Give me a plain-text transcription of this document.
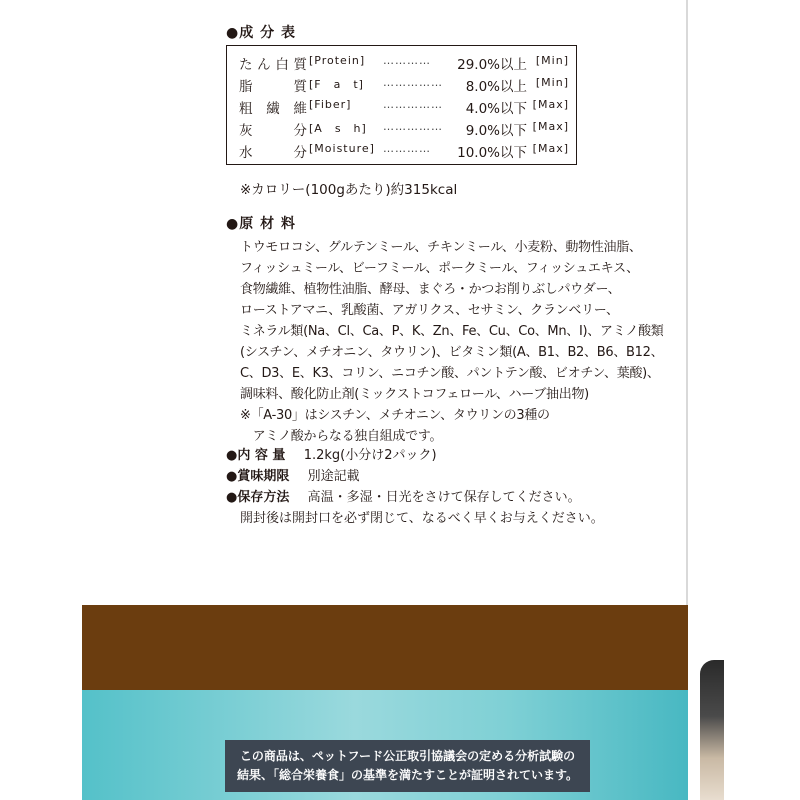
●成 分 表
た ん 白 質 [Protein] ………… 29.0%以上 [Min]
脂	質 [F　a　t] …………… 8.0%以上 [Min]
粗 繊 維 [Fiber]	…………… 4.0%以下 [Max]
灰	分 [A　s　h] …………… 9.0%以下 [Max]
水	分 [Moisture] ………… 10.0%以下 [Max]
※カロリー(100gあたり)約315kcal
●原 材 料
トウモロコシ、グルテンミール、チキンミール、小麦粉、動物性油脂、
フィッシュミール、ビーフミール、ポークミール、フィッシュエキス、
食物繊維、植物性油脂、酵母、まぐろ・かつお削りぶしパウダー、
ローストアマニ、乳酸菌、アガリクス、セサミン、クランベリー、
ミネラル類(Na、Cl、Ca、P、K、Zn、Fe、Cu、Co、Mn、I)、アミノ酸類
(シスチン、メチオニン、タウリン)、ビタミン類(A、B1、B2、B6、B12、
C、D3、E、K3、コリン、ニコチン酸、パントテン酸、ビオチン、葉酸)、
調味料、酸化防止剤(ミックストコフェロール、ハーブ抽出物)
※「A-30」はシスチン、メチオニン、タウリンの3種の
　アミノ酸からなる独自組成です。
●内 容 量 1.2kg(小分け2パック)
●賞味期限 別途記載
●保存方法 高温・多湿・日光をさけて保存してください。
開封後は開封口を必ず閉じて、なるべく早くお与えください。
この商品は、ペットフード公正取引協議会の定める分析試験の
結果、「総合栄養食」の基準を満たすことが証明されています。
